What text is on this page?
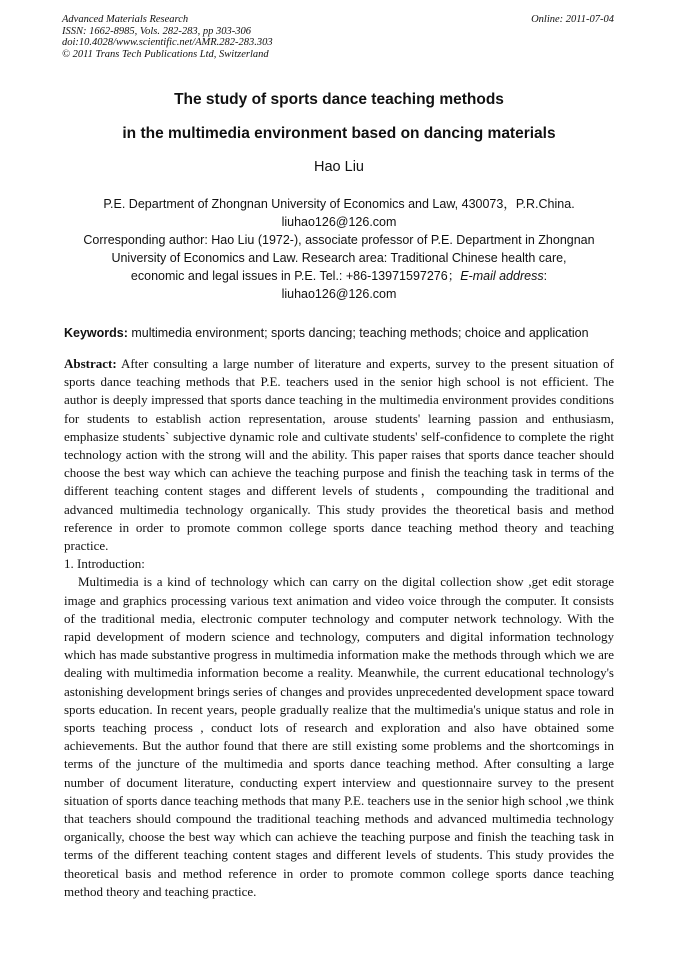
Advanced Materials Research
ISSN: 1662-8985, Vols. 282-283, pp 303-306
doi:10.4028/www.scientific.net/AMR.282-283.303
© 2011 Trans Tech Publications Ltd, Switzerland
Online: 2011-07-04
The study of sports dance teaching methods
in the multimedia environment based on dancing materials
Hao Liu
P.E. Department of Zhongnan University of Economics and Law, 430073，P.R.China.
liuhao126@126.com
Corresponding author: Hao Liu (1972-), associate professor of P.E. Department in Zhongnan
University of Economics and Law. Research area: Traditional Chinese health care,
economic and legal issues in P.E. Tel.: +86-13971597276；E-mail address:
liuhao126@126.com
Keywords: multimedia environment; sports dancing; teaching methods; choice and application

Abstract: After consulting a large number of literature and experts, survey to the present situation of sports dance teaching methods that P.E. teachers used in the senior high school is not efficient. The author is deeply impressed that sports dance teaching in the multimedia environment provides conditions for students to establish action representation, arouse students' learning passion and enthusiasm, emphasize students` subjective dynamic role and cultivate students' self-confidence to complete the right technology action with the strong will and the ability. This paper raises that sports dance teacher should choose the best way which can achieve the teaching purpose and finish the teaching task in terms of the different teaching content stages and different levels of students，compounding the traditional and advanced multimedia technology organically. This study provides the theoretical basis and method reference in order to promote common college sports dance teaching method theory and teaching practice.

1. Introduction:

Multimedia is a kind of technology which can carry on the digital collection show ,get edit storage image and graphics processing various text animation and video voice through the computer. It consists of the traditional media, electronic computer technology and computer network technology. With the rapid development of modern science and technology, computers and digital information technology which has made substantive progress in multimedia information make the methods through which we are dealing with multimedia information become a reality. Meanwhile, the current educational technology's astonishing development brings series of changes and provides unprecedented development space toward sports education. In recent years, people gradually realize that the multimedia's unique status and role in sports teaching process , conduct lots of research and exploration and also have obtained some achievements. But the author found that there are still existing some problems and the shortcomings in terms of the juncture of the multimedia and sports dance teaching method. After consulting a large number of document literature, conducting expert interview and questionnaire survey to the present situation of sports dance teaching methods that many P.E. teachers use in the senior high school ,we think that teachers should compound the traditional teaching methods and advanced multimedia technology organically, choose the best way which can achieve the teaching purpose and finish the teaching task in terms of the different teaching content stages and different levels of students. This study provides the theoretical basis and method reference in order to promote common college sports dance teaching method theory and teaching practice.
